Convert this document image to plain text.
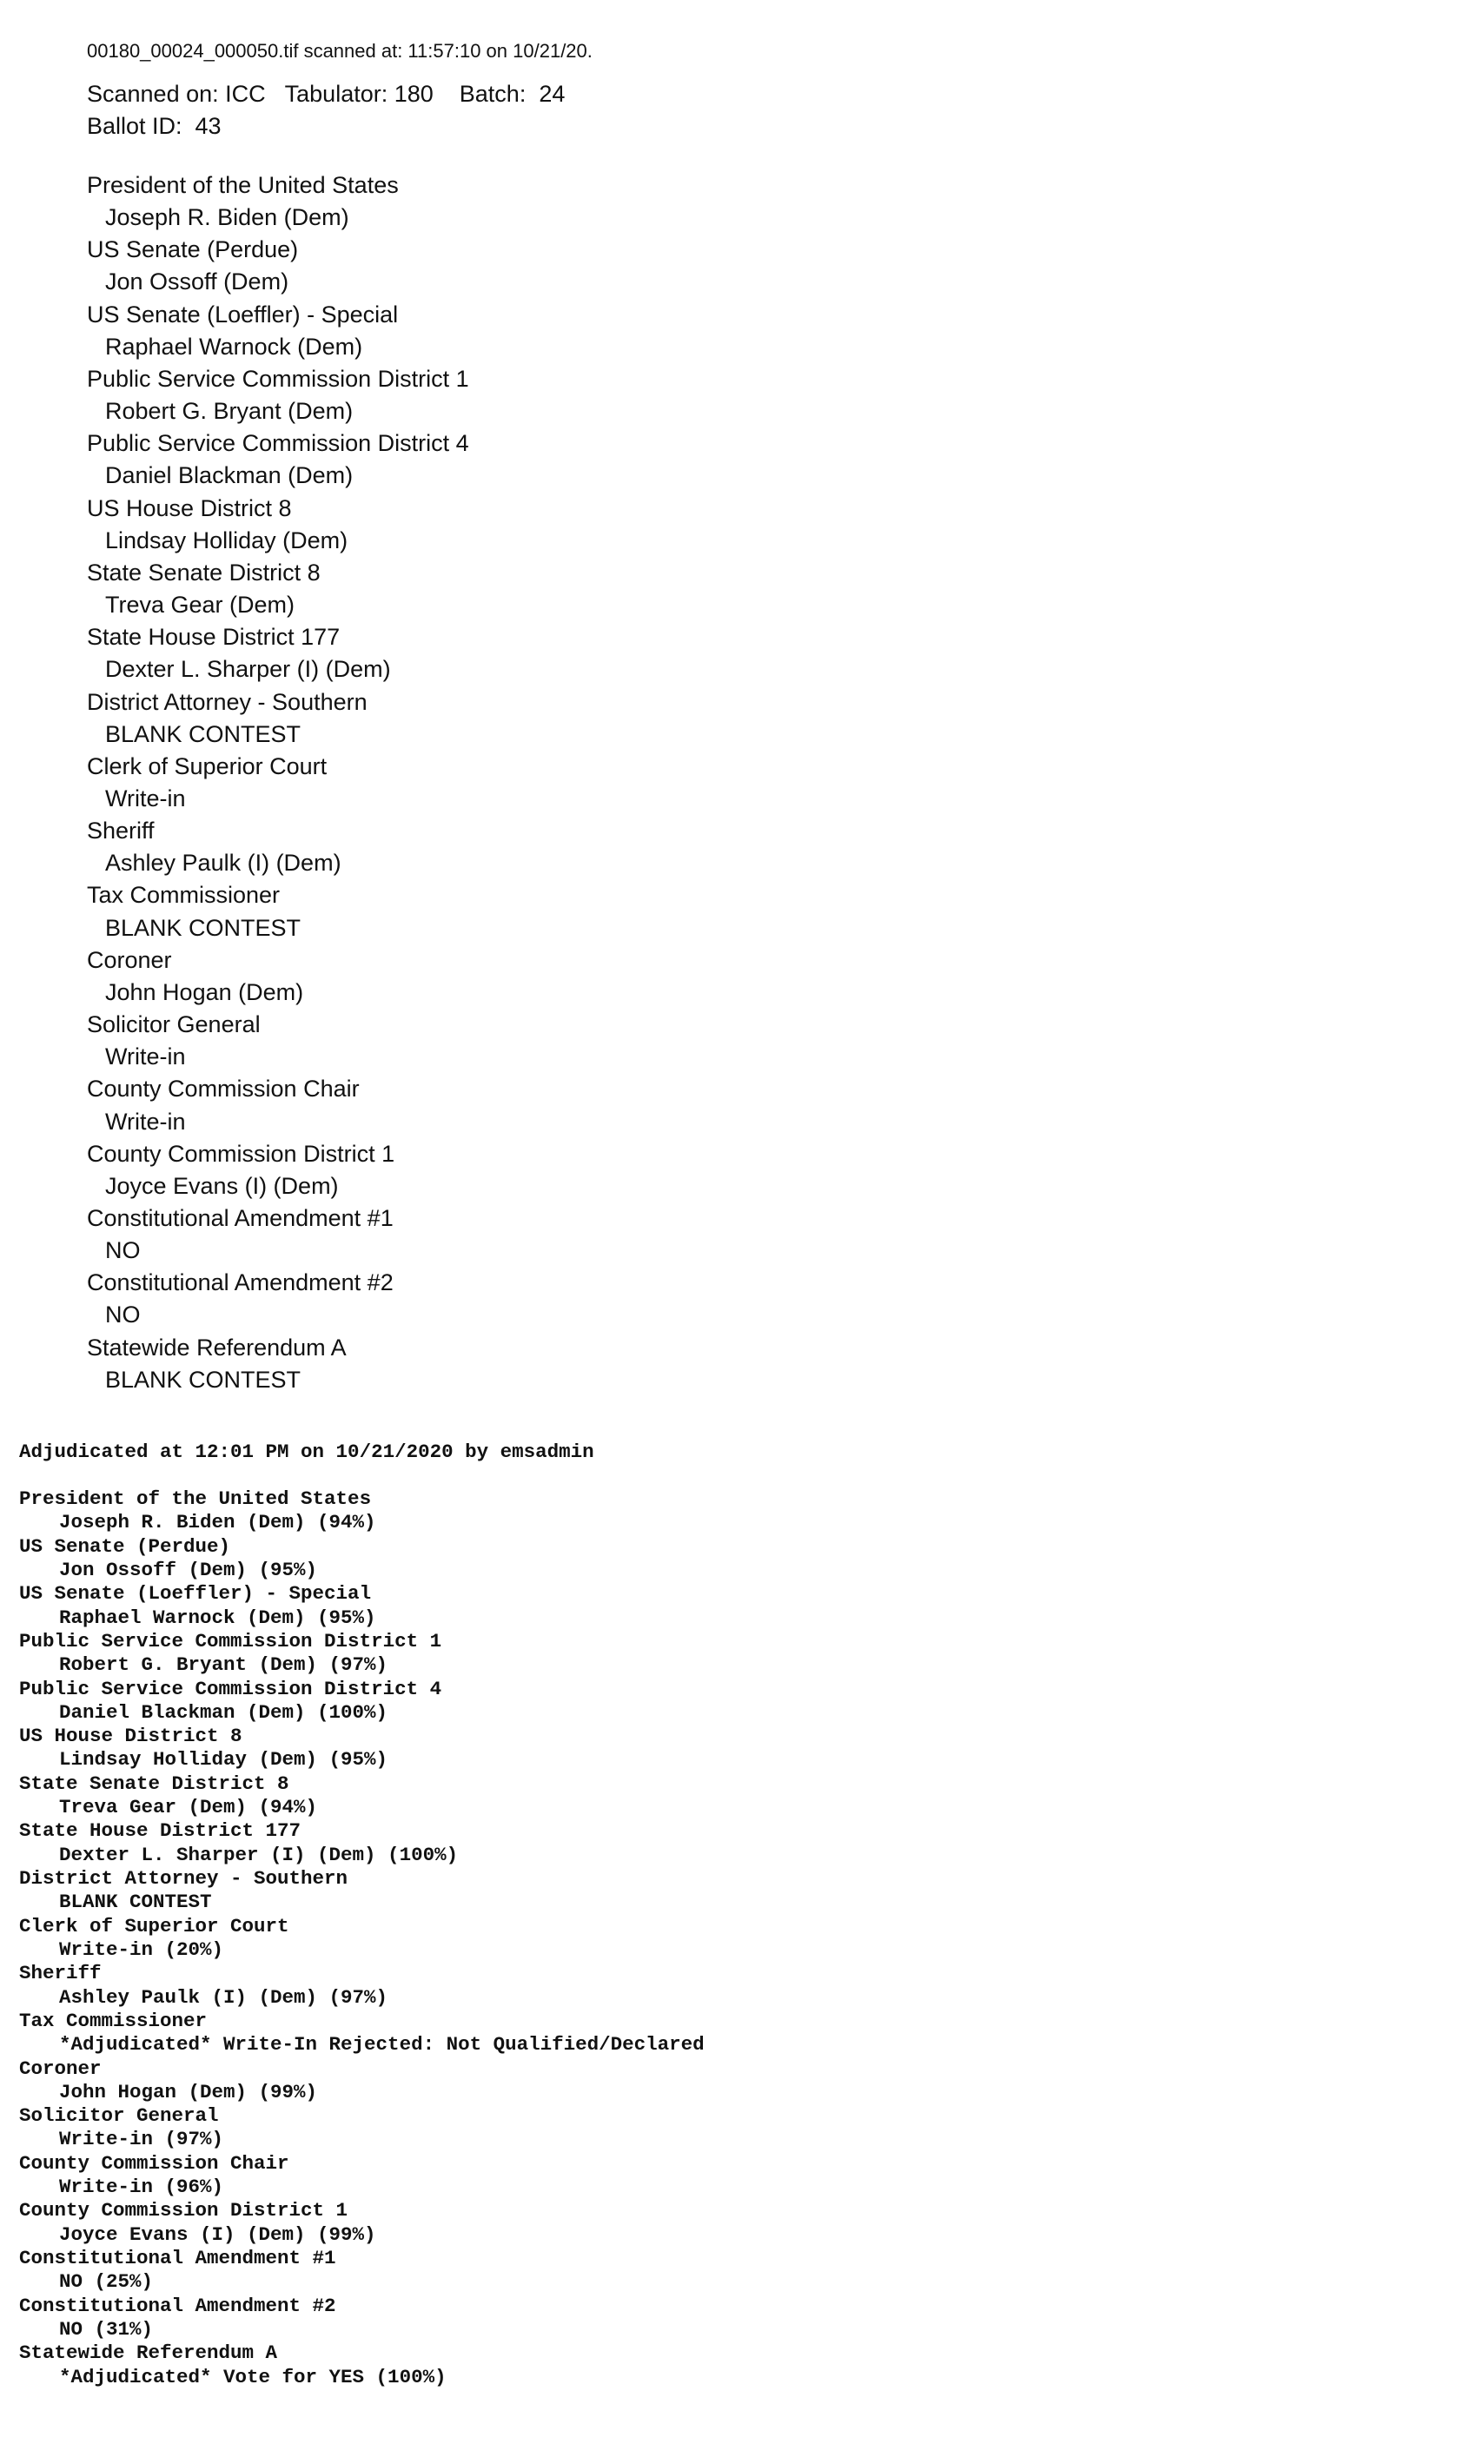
00180_00024_000050.tif scanned at: 11:57:10 on 10/21/20.
Scanned on: ICC   Tabulator: 180    Batch:  24
Ballot ID:  43
President of the United States
Joseph R. Biden (Dem)
US Senate (Perdue)
Jon Ossoff (Dem)
US Senate (Loeffler) - Special
Raphael Warnock (Dem)
Public Service Commission District 1
Robert G. Bryant (Dem)
Public Service Commission District 4
Daniel Blackman (Dem)
US House District 8
Lindsay Holliday (Dem)
State Senate District 8
Treva Gear (Dem)
State House District 177
Dexter L. Sharper (I) (Dem)
District Attorney - Southern
BLANK CONTEST
Clerk of Superior Court
Write-in
Sheriff
Ashley Paulk (I) (Dem)
Tax Commissioner
BLANK CONTEST
Coroner
John Hogan (Dem)
Solicitor General
Write-in
County Commission Chair
Write-in
County Commission District 1
Joyce Evans (I) (Dem)
Constitutional Amendment #1
NO
Constitutional Amendment #2
NO
Statewide Referendum A
BLANK CONTEST
Adjudicated at 12:01 PM on 10/21/2020 by emsadmin
President of the United States
Joseph R. Biden (Dem) (94%)
US Senate (Perdue)
Jon Ossoff (Dem) (95%)
US Senate (Loeffler) - Special
Raphael Warnock (Dem) (95%)
Public Service Commission District 1
Robert G. Bryant (Dem) (97%)
Public Service Commission District 4
Daniel Blackman (Dem) (100%)
US House District 8
Lindsay Holliday (Dem) (95%)
State Senate District 8
Treva Gear (Dem) (94%)
State House District 177
Dexter L. Sharper (I) (Dem) (100%)
District Attorney - Southern
BLANK CONTEST
Clerk of Superior Court
Write-in (20%)
Sheriff
Ashley Paulk (I) (Dem) (97%)
Tax Commissioner
*Adjudicated* Write-In Rejected: Not Qualified/Declared
Coroner
John Hogan (Dem) (99%)
Solicitor General
Write-in (97%)
County Commission Chair
Write-in (96%)
County Commission District 1
Joyce Evans (I) (Dem) (99%)
Constitutional Amendment #1
NO (25%)
Constitutional Amendment #2
NO (31%)
Statewide Referendum A
*Adjudicated* Vote for YES (100%)
